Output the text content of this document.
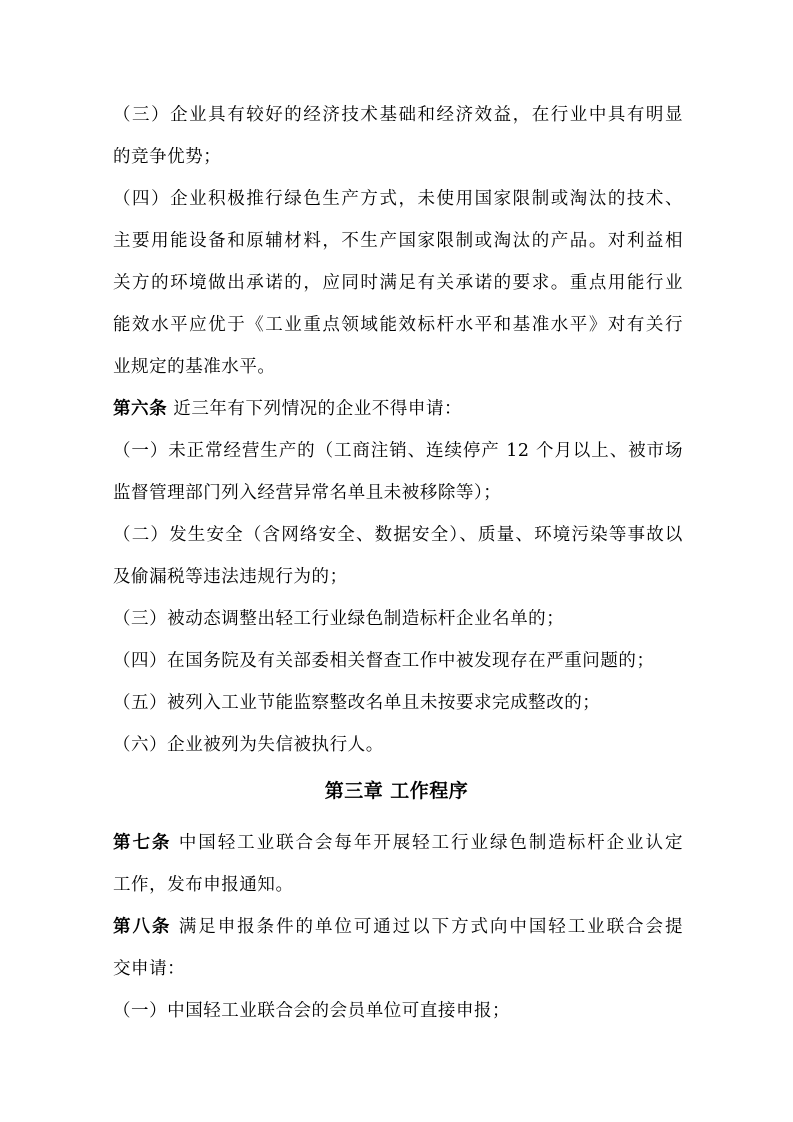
（三）企业具有较好的经济技术基础和经济效益，在行业中具有明显
的竞争优势；
（四）企业积极推行绿色生产方式，未使用国家限制或淘汰的技术、
主要用能设备和原辅材料，不生产国家限制或淘汰的产品。对利益相
关方的环境做出承诺的，应同时满足有关承诺的要求。重点用能行业
能效水平应优于《工业重点领域能效标杆水平和基准水平》对有关行
业规定的基准水平。
第六条 近三年有下列情况的企业不得申请：
（一）未正常经营生产的（工商注销、连续停产 12 个月以上、被市场
监督管理部门列入经营异常名单且未被移除等）；
（二）发生安全（含网络安全、数据安全）、质量、环境污染等事故以
及偷漏税等违法违规行为的；
（三）被动态调整出轻工行业绿色制造标杆企业名单的；
（四）在国务院及有关部委相关督查工作中被发现存在严重问题的；
（五）被列入工业节能监察整改名单且未按要求完成整改的；
（六）企业被列为失信被执行人。
第三章 工作程序
第七条 中国轻工业联合会每年开展轻工行业绿色制造标杆企业认定
工作，发布申报通知。
第八条 满足申报条件的单位可通过以下方式向中国轻工业联合会提
交申请：
（一）中国轻工业联合会的会员单位可直接申报；
